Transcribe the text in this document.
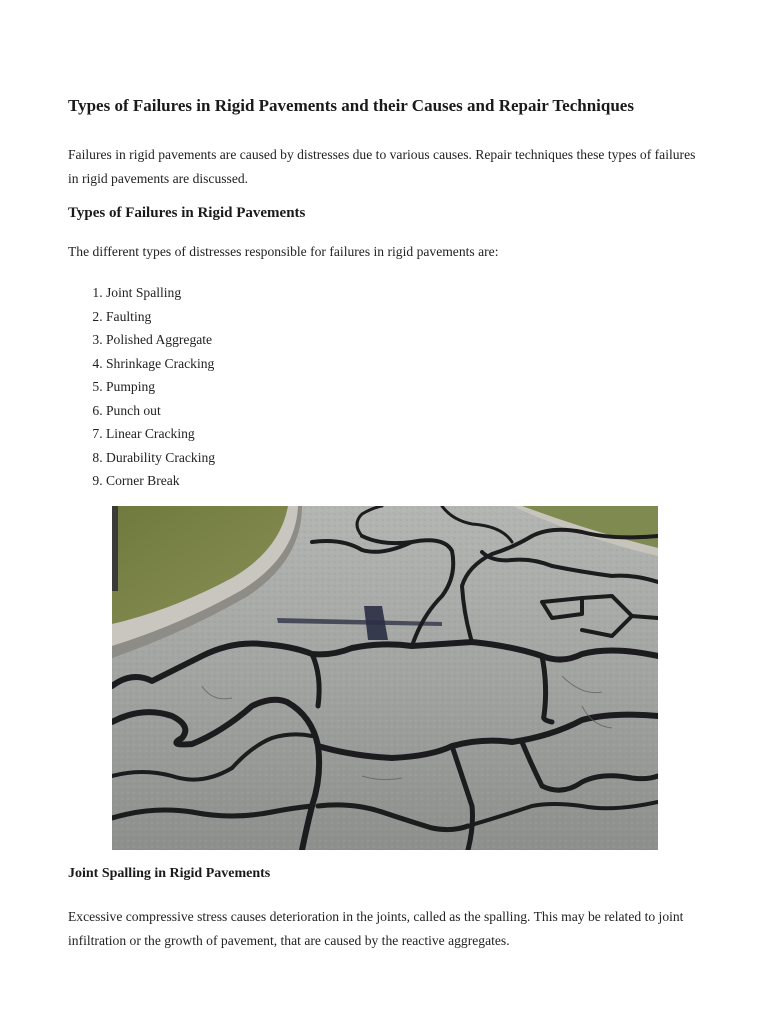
Types of Failures in Rigid Pavements and their Causes and Repair Techniques

Failures in rigid pavements are caused by distresses due to various causes. Repair techniques these types of failures in rigid pavements are discussed.

Types of Failures in Rigid Pavements

The different types of distresses responsible for failures in rigid pavements are:

1. Joint Spalling
2. Faulting
3. Polished Aggregate
4. Shrinkage Cracking
5. Pumping
6. Punch out
7. Linear Cracking
8. Durability Cracking
9. Corner Break
Joint Spalling in Rigid Pavements

Excessive compressive stress causes deterioration in the joints, called as the spalling. This may be related to joint infiltration or the growth of pavement, that are caused by the reactive aggregates.
